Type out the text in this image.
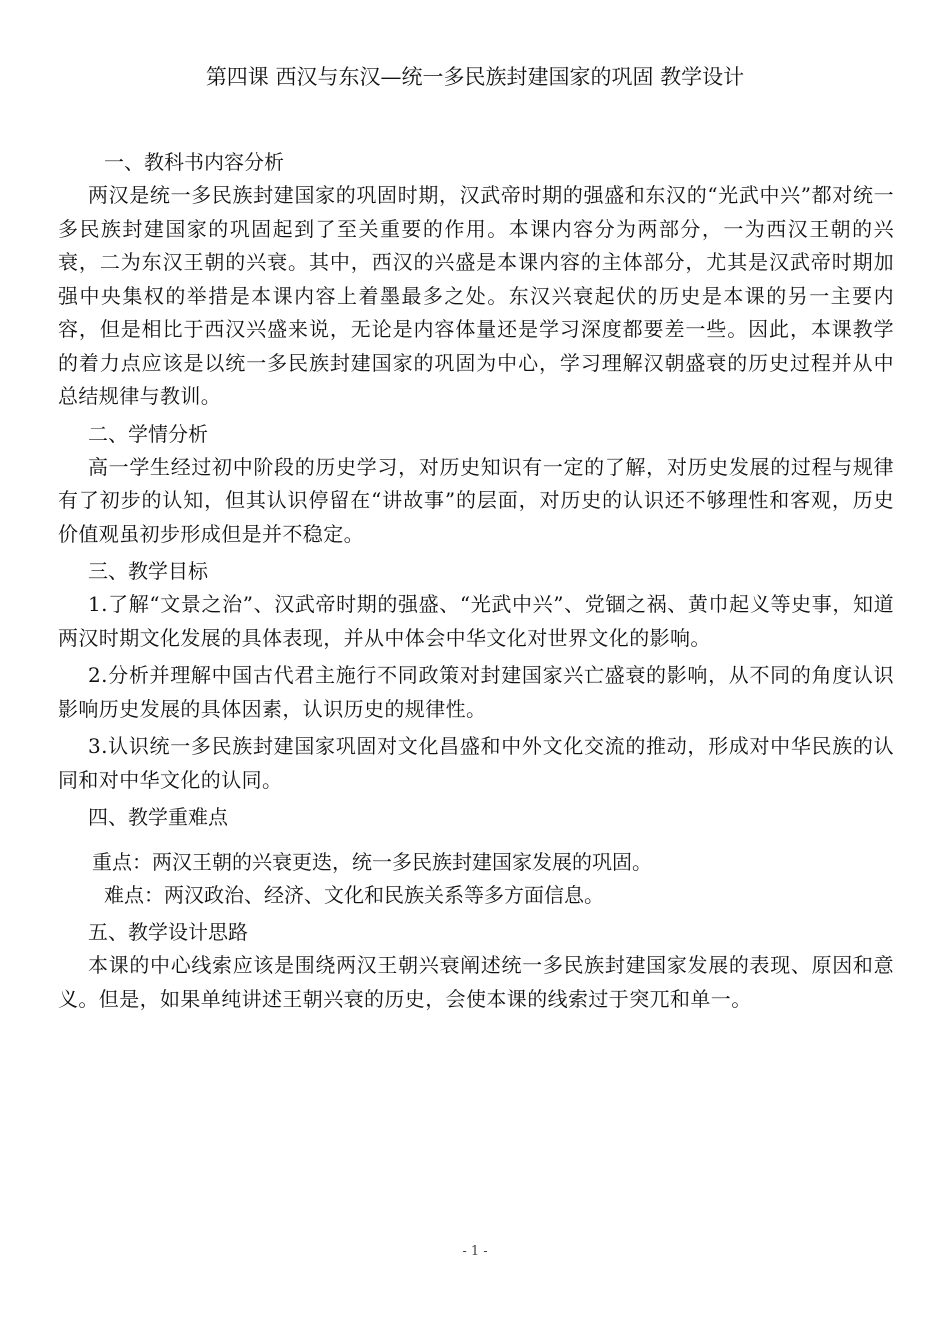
第四课 西汉与东汉—统一多民族封建国家的巩固 教学设计

一、教科书内容分析

两汉是统一多民族封建国家的巩固时期，汉武帝时期的强盛和东汉的“光武中兴”都对统一多民族封建国家的巩固起到了至关重要的作用。本课内容分为两部分，一为西汉王朝的兴衰，二为东汉王朝的兴衰。其中，西汉的兴盛是本课内容的主体部分，尤其是汉武帝时期加强中央集权的举措是本课内容上着墨最多之处。东汉兴衰起伏的历史是本课的另一主要内容，但是相比于西汉兴盛来说，无论是内容体量还是学习深度都要差一些。因此，本课教学的着力点应该是以统一多民族封建国家的巩固为中心，学习理解汉朝盛衰的历史过程并从中总结规律与教训。

二、学情分析

高一学生经过初中阶段的历史学习，对历史知识有一定的了解，对历史发展的过程与规律有了初步的认知，但其认识停留在“讲故事”的层面，对历史的认识还不够理性和客观，历史价值观虽初步形成但是并不稳定。

三、教学目标

1.了解“文景之治”、汉武帝时期的强盛、“光武中兴”、党锢之祸、黄巾起义等史事，知道两汉时期文化发展的具体表现，并从中体会中华文化对世界文化的影响。

2.分析并理解中国古代君主施行不同政策对封建国家兴亡盛衰的影响，从不同的角度认识影响历史发展的具体因素，认识历史的规律性。

3.认识统一多民族封建国家巩固对文化昌盛和中外文化交流的推动，形成对中华民族的认同和对中华文化的认同。

四、教学重难点

重点：两汉王朝的兴衰更迭，统一多民族封建国家发展的巩固。

难点：两汉政治、经济、文化和民族关系等多方面信息。

五、教学设计思路

本课的中心线索应该是围绕两汉王朝兴衰阐述统一多民族封建国家发展的表现、原因和意义。但是，如果单纯讲述王朝兴衰的历史，会使本课的线索过于突兀和单一。

- 1 -
